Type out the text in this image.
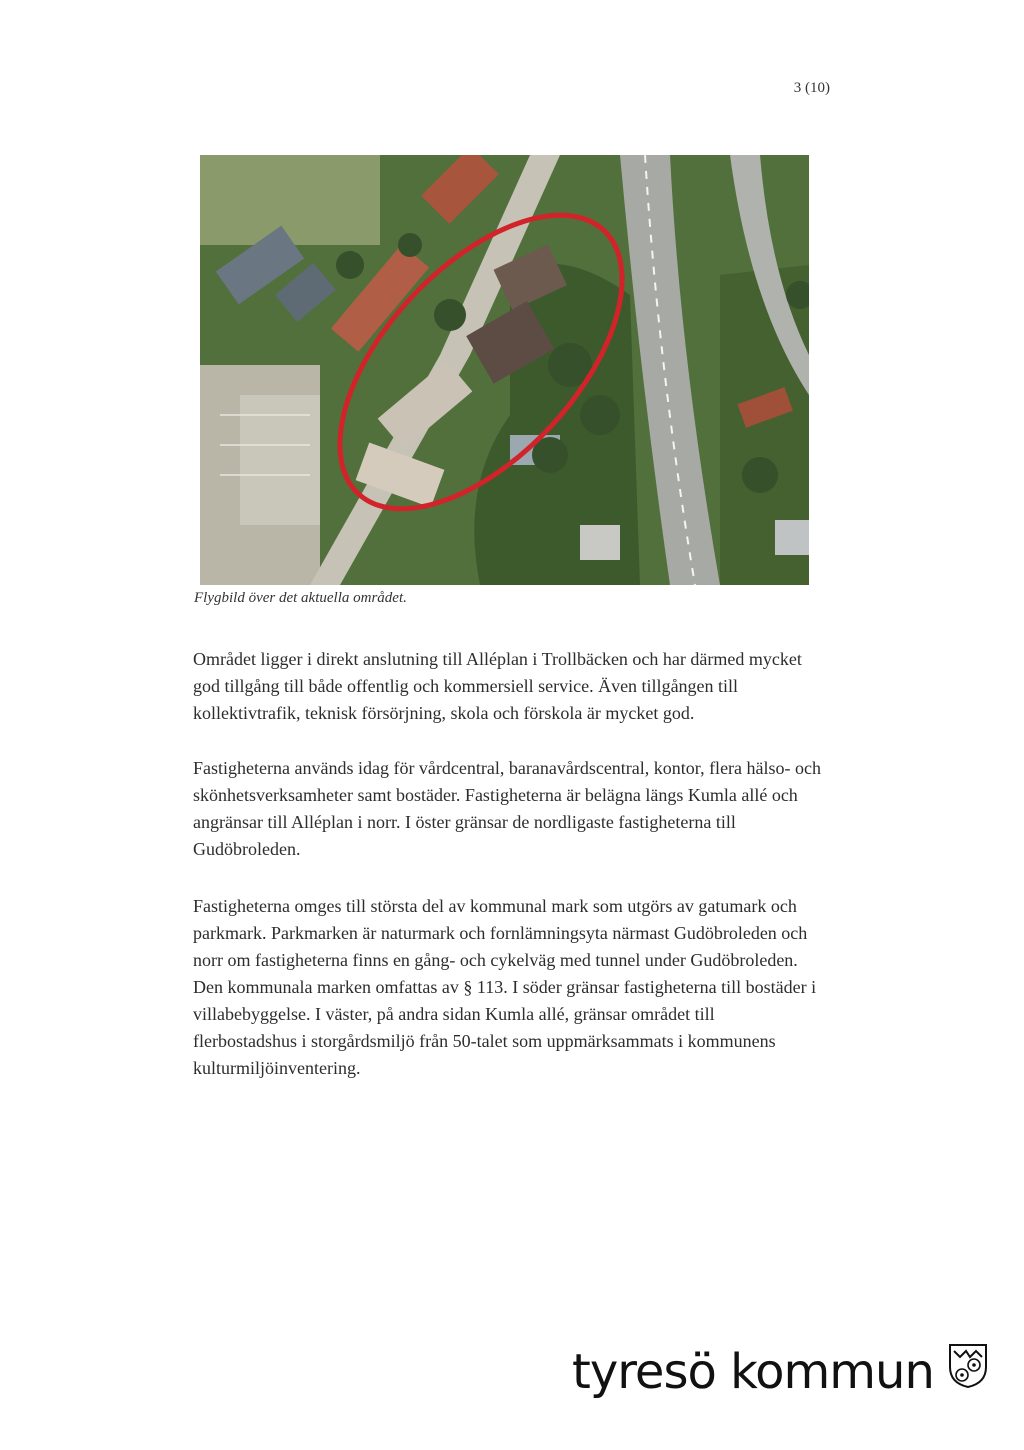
3 (10)
Flygbild över det aktuella området.

Området ligger i direkt anslutning till Alléplan i Trollbäcken och har därmed mycket god tillgång till både offentlig och kommersiell service. Även tillgången till kollektivtrafik, teknisk försörjning, skola och förskola är mycket god.

Fastigheterna används idag för vårdcentral, baranavårdscentral, kontor, flera hälso- och skönhetsverksamheter samt bostäder. Fastigheterna är belägna längs Kumla allé och angränsar till Alléplan i norr. I öster gränsar de nordligaste fastigheterna till Gudöbroleden.

Fastigheterna omges till största del av kommunal mark som utgörs av gatumark och parkmark. Parkmarken är naturmark och fornlämningsyta närmast Gudöbroleden och norr om fastigheterna finns en gång- och cykelväg med tunnel under Gudöbroleden. Den kommunala marken omfattas av § 113. I söder gränsar fastigheterna till bostäder i villabebyggelse. I väster, på andra sidan Kumla allé, gränsar området till flerbostadshus i storgårdsmiljö från 50-talet som uppmärksammats i kommunens kulturmiljöinventering.

tyresö kommun
